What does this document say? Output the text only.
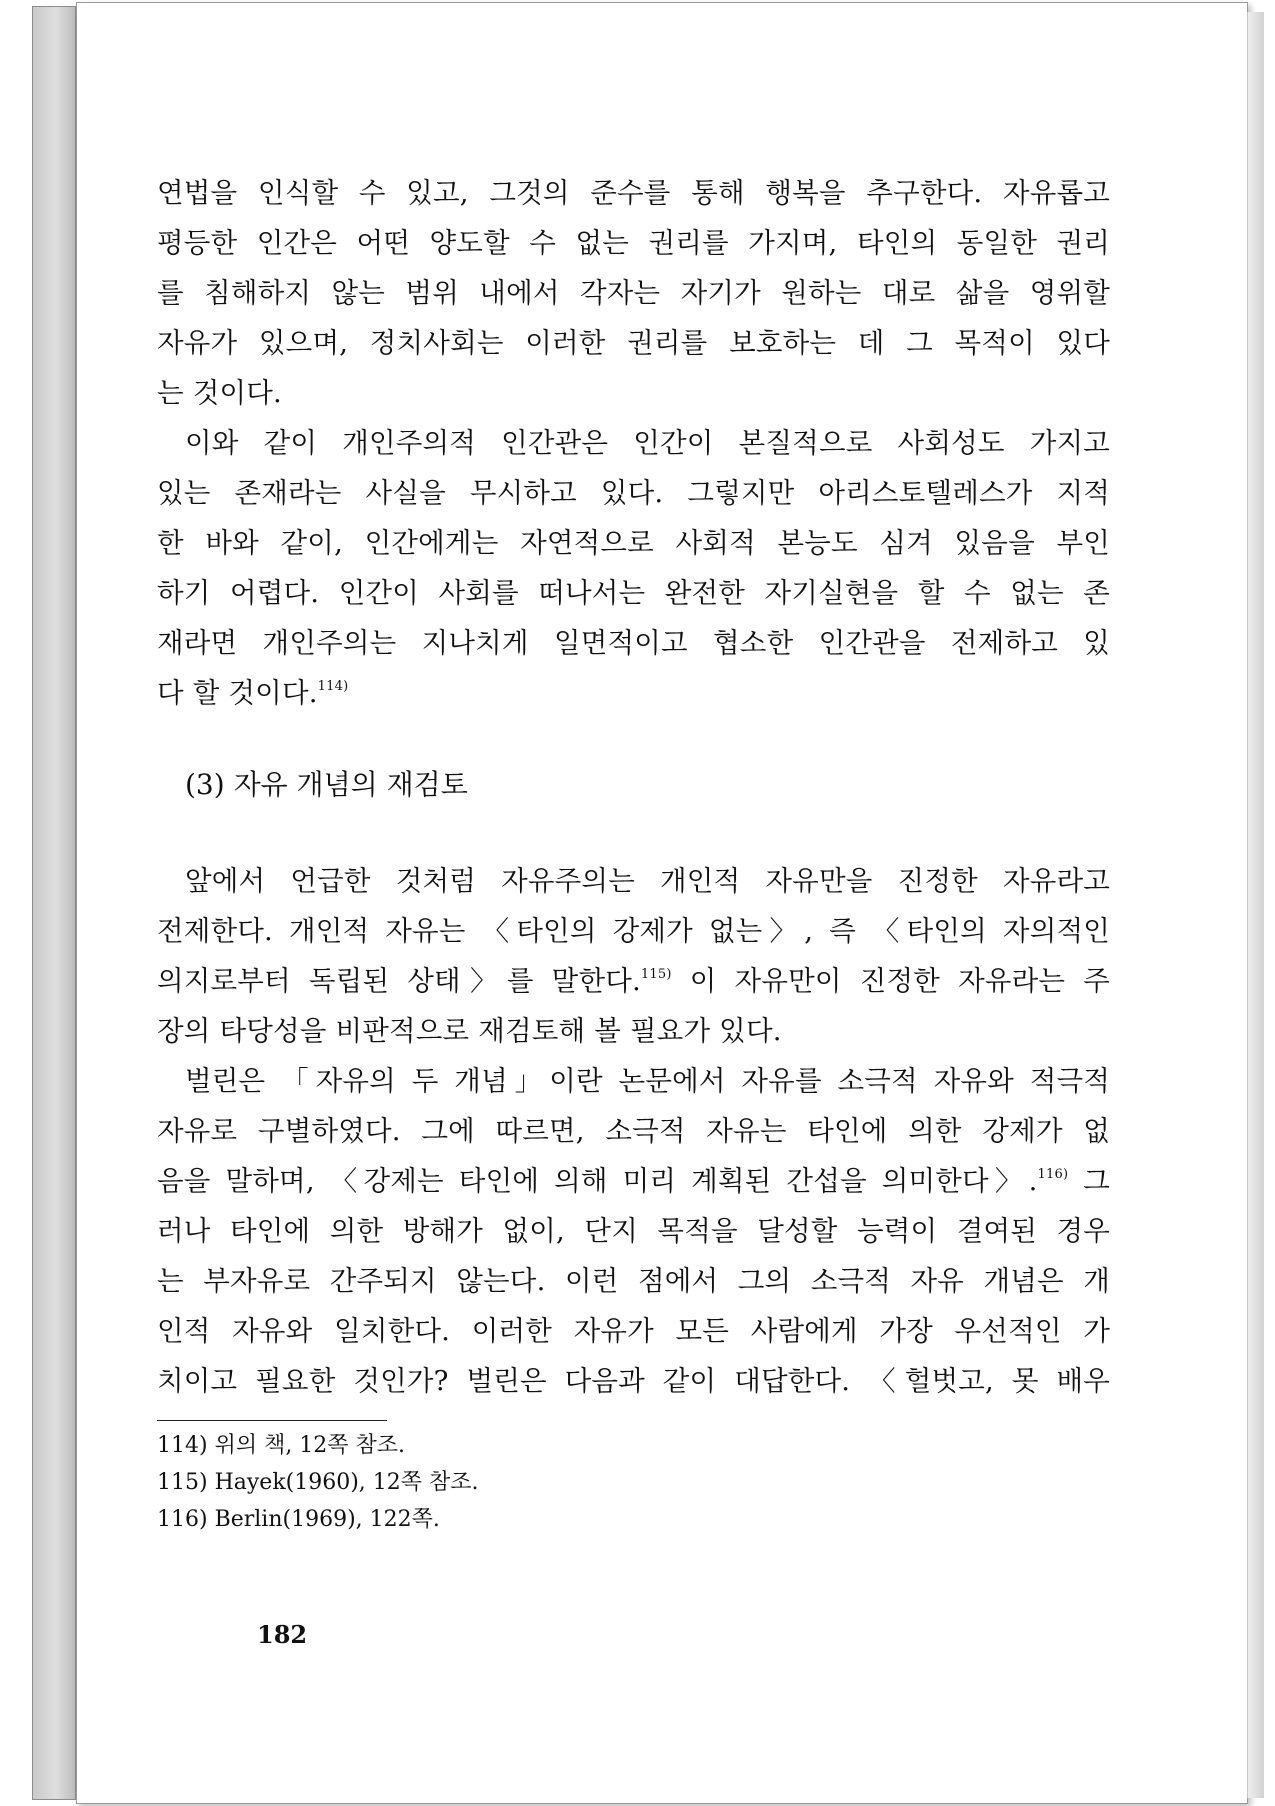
연법을 인식할 수 있고, 그것의 준수를 통해 행복을 추구한다. 자유롭고
평등한 인간은 어떤 양도할 수 없는 권리를 가지며, 타인의 동일한 권리
를 침해하지 않는 범위 내에서 각자는 자기가 원하는 대로 삶을 영위할
자유가 있으며, 정치사회는 이러한 권리를 보호하는 데 그 목적이 있다
는 것이다.
이와 같이 개인주의적 인간관은 인간이 본질적으로 사회성도 가지고
있는 존재라는 사실을 무시하고 있다. 그렇지만 아리스토텔레스가 지적
한 바와 같이, 인간에게는 자연적으로 사회적 본능도 심겨 있음을 부인
하기 어렵다. 인간이 사회를 떠나서는 완전한 자기실현을 할 수 없는 존
재라면 개인주의는 지나치게 일면적이고 협소한 인간관을 전제하고 있
다 할 것이다.$^{114)}$
(3) 자유 개념의 재검토
앞에서 언급한 것처럼 자유주의는 개인적 자유만을 진정한 자유라고
전제한다. 개인적 자유는 〈타인의 강제가 없는〉, 즉 〈타인의 자의적인
의지로부터 독립된 상태〉를 말한다.$^{115)}$ 이 자유만이 진정한 자유라는 주
장의 타당성을 비판적으로 재검토해 볼 필요가 있다.
벌린은 「자유의 두 개념」이란 논문에서 자유를 소극적 자유와 적극적
자유로 구별하였다. 그에 따르면, 소극적 자유는 타인에 의한 강제가 없
음을 말하며, 〈강제는 타인에 의해 미리 계획된 간섭을 의미한다〉.$^{116)}$ 그
러나 타인에 의한 방해가 없이, 단지 목적을 달성할 능력이 결여된 경우
는 부자유로 간주되지 않는다. 이런 점에서 그의 소극적 자유 개념은 개
인적 자유와 일치한다. 이러한 자유가 모든 사람에게 가장 우선적인 가
치이고 필요한 것인가? 벌린은 다음과 같이 대답한다. 〈헐벗고, 못 배우
114) 위의 책, 12쪽 참조.
115) Hayek(1960), 12쪽 참조.
116) Berlin(1969), 122쪽.
182
